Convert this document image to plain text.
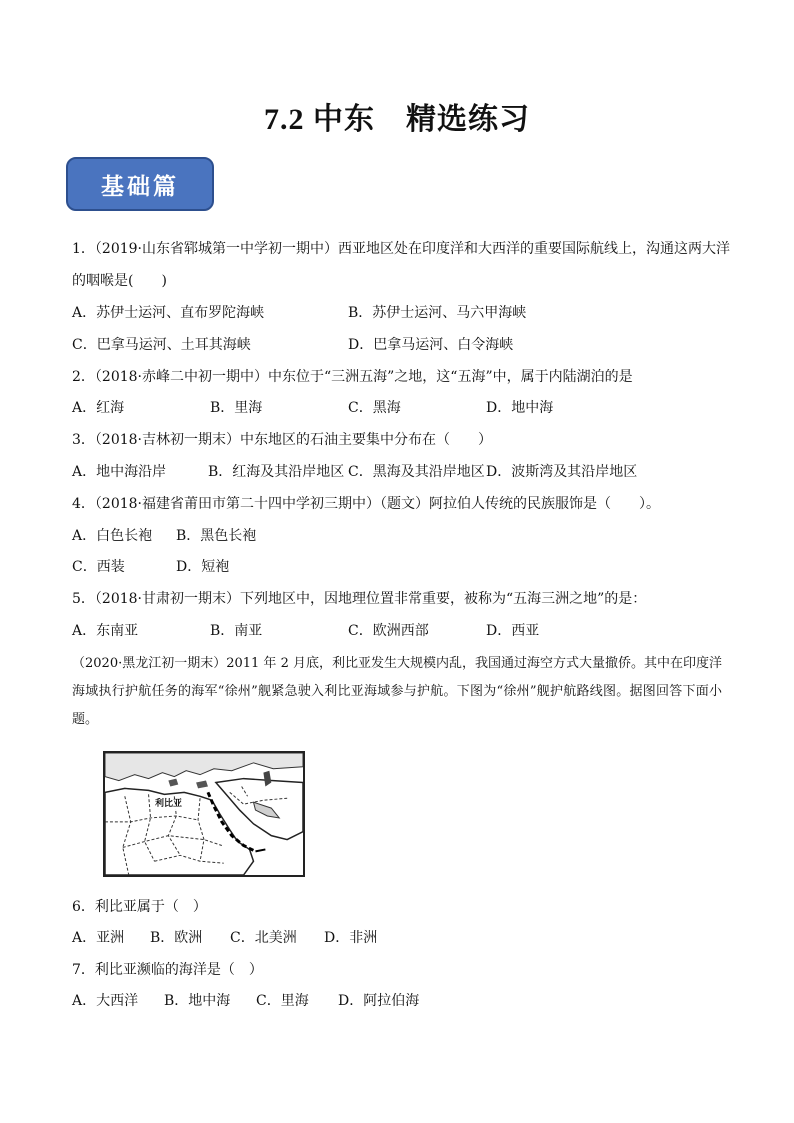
7.2 中东　精选练习
基础篇
1．（2019·山东省郓城第一中学初一期中）西亚地区处在印度洋和大西洋的重要国际航线上，沟通这两大洋
的咽喉是(　　)
A．苏伊士运河、直布罗陀海峡	B．苏伊士运河、马六甲海峡
C．巴拿马运河、土耳其海峡	D．巴拿马运河、白令海峡
2．（2018·赤峰二中初一期中）中东位于“三洲五海”之地，这“五海”中，属于内陆湖泊的是
A．红海	B．里海	C．黑海	D．地中海
3．（2018·吉林初一期末）中东地区的石油主要集中分布在（　　）
A．地中海沿岸	B．红海及其沿岸地区 C．黑海及其沿岸地区 D．波斯湾及其沿岸地区
4．（2018·福建省莆田市第二十四中学初三期中）（题文）阿拉伯人传统的民族服饰是（　　）。
A．白色长袍 B．黑色长袍
C．西装	D．短袍
5．（2018·甘肃初一期末）下列地区中，因地理位置非常重要，被称为“五海三洲之地”的是：
A．东南亚	B．南亚	C．欧洲西部	D．西亚
（2020·黑龙江初一期末）2011 年 2 月底，利比亚发生大规模内乱，我国通过海空方式大量撤侨。其中在印度洋海域执行护航任务的海军“徐州”舰紧急驶入利比亚海域参与护航。下图为“徐州”舰护航路线图。据图回答下面小题。
利比亚
6．利比亚属于（　）
A．亚洲 B．欧洲 C．北美洲 D．非洲
7．利比亚濒临的海洋是（　）
A．大西洋 B．地中海 C．里海 D．阿拉伯海
